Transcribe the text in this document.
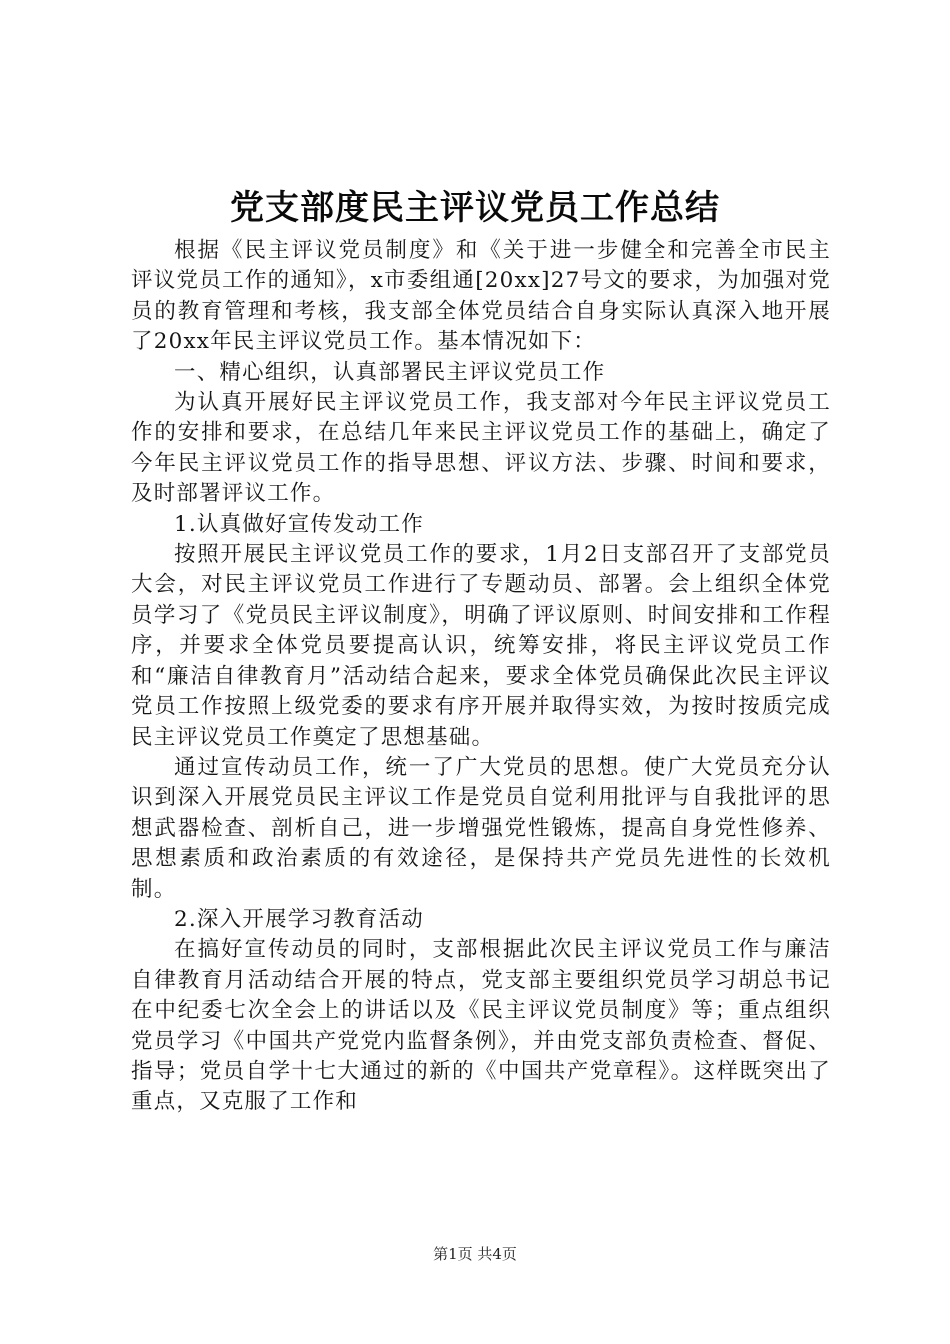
党支部度民主评议党员工作总结

根据《民主评议党员制度》和《关于进一步健全和完善全市民主评议党员工作的通知》，x市委组通[20xx]27号文的要求，为加强对党员的教育管理和考核，我支部全体党员结合自身实际认真深入地开展了20xx年民主评议党员工作。基本情况如下：

一、精心组织，认真部署民主评议党员工作

为认真开展好民主评议党员工作，我支部对今年民主评议党员工作的安排和要求，在总结几年来民主评议党员工作的基础上，确定了今年民主评议党员工作的指导思想、评议方法、步骤、时间和要求，及时部署评议工作。

1.认真做好宣传发动工作

按照开展民主评议党员工作的要求，1月2日支部召开了支部党员大会，对民主评议党员工作进行了专题动员、部署。会上组织全体党员学习了《党员民主评议制度》，明确了评议原则、时间安排和工作程序，并要求全体党员要提高认识，统筹安排，将民主评议党员工作和“廉洁自律教育月”活动结合起来，要求全体党员确保此次民主评议党员工作按照上级党委的要求有序开展并取得实效，为按时按质完成民主评议党员工作奠定了思想基础。

通过宣传动员工作，统一了广大党员的思想。使广大党员充分认识到深入开展党员民主评议工作是党员自觉利用批评与自我批评的思想武器检查、剖析自己，进一步增强党性锻炼，提高自身党性修养、思想素质和政治素质的有效途径，是保持共产党员先进性的长效机制。

2.深入开展学习教育活动

在搞好宣传动员的同时，支部根据此次民主评议党员工作与廉洁自律教育月活动结合开展的特点，党支部主要组织党员学习胡总书记在中纪委七次全会上的讲话以及《民主评议党员制度》等；重点组织党员学习《中国共产党党内监督条例》，并由党支部负责检查、督促、指导；党员自学十七大通过的新的《中国共产党章程》。这样既突出了重点，又克服了工作和

第1页 共4页
